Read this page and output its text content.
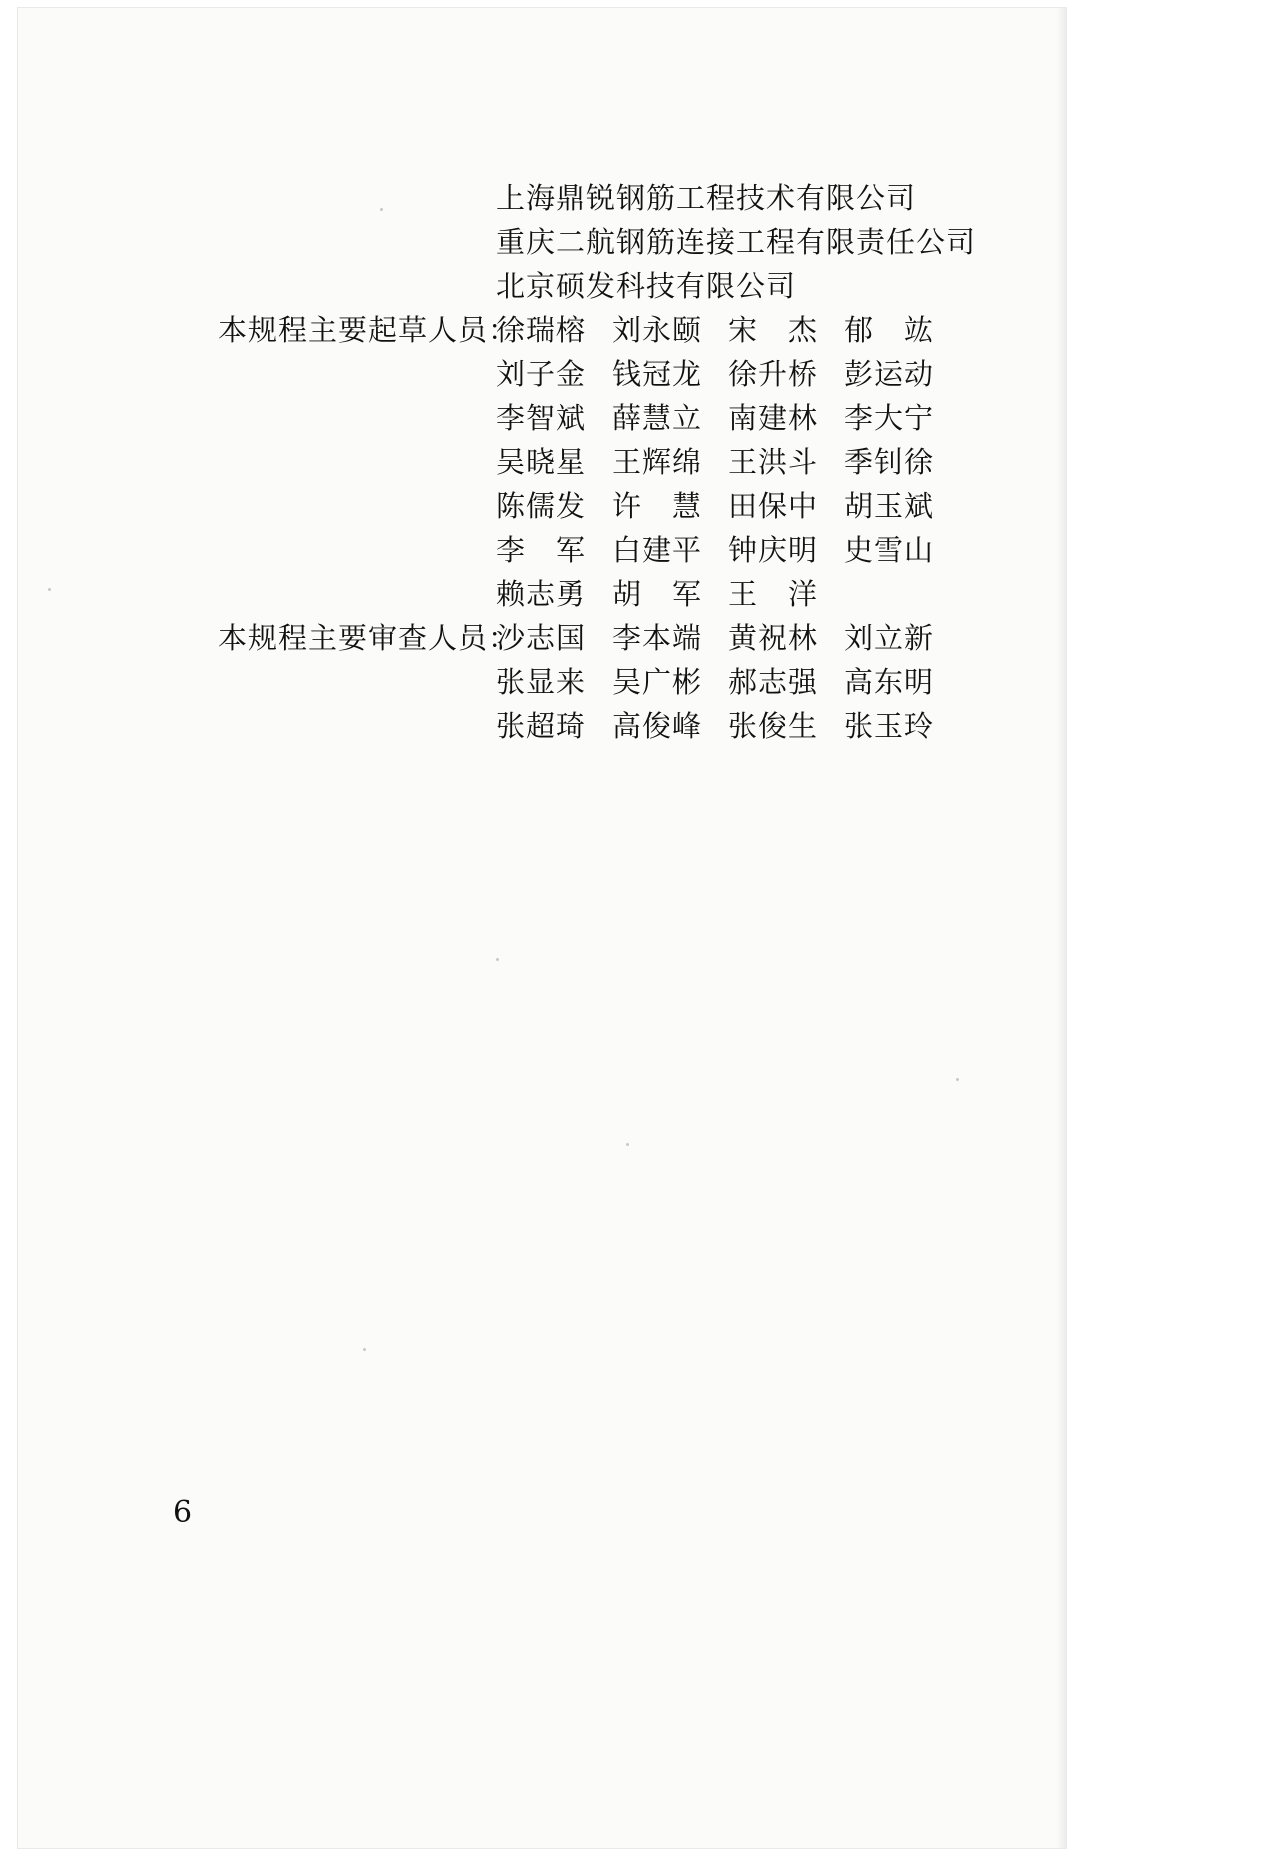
上海鼎锐钢筋工程技术有限公司
重庆二航钢筋连接工程有限责任公司
北京硕发科技有限公司
本规程主要起草人员：
徐瑞榕 刘永颐 宋　杰 郁　竑
刘子金 钱冠龙 徐升桥 彭运动
李智斌 薛慧立 南建林 李大宁
吴晓星 王辉绵 王洪斗 季钊徐
陈儒发 许　慧 田保中 胡玉斌
李　军 白建平 钟庆明 史雪山
赖志勇 胡　军 王　洋
本规程主要审查人员：
沙志国 李本端 黄祝林 刘立新
张显来 吴广彬 郝志强 高东明
张超琦 高俊峰 张俊生 张玉玲
6
